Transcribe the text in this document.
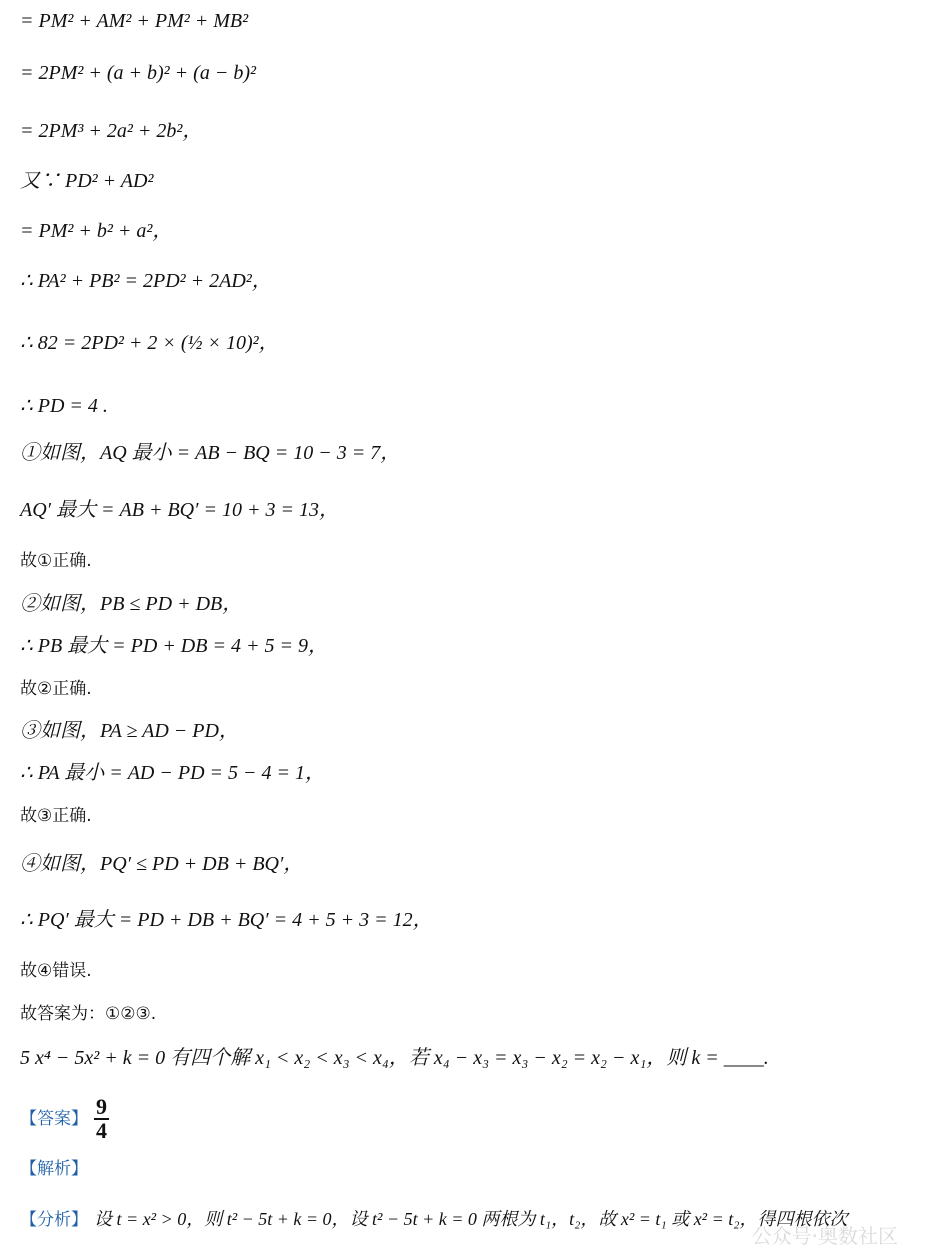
= PM² + AM² + PM² + MB²
= 2PM² + (a + b)² + (a − b)²
= 2PM³ + 2a² + 2b²，
又∵ PD² + AD²
= PM² + b² + a²，
∴ PA² + PB² = 2PD² + 2AD²，
∴ 82 = 2PD² + 2 × (½ × 10)²，
∴ PD = 4 .
①如图，AQ 最小 = AB − BQ = 10 − 3 = 7，
AQ′ 最大 = AB + BQ′ = 10 + 3 = 13，
故①正确.
②如图，PB ≤ PD + DB，
∴ PB 最大 = PD + DB = 4 + 5 = 9，
故②正确.
③如图，PA ≥ AD − PD，
∴ PA 最小 = AD − PD = 5 − 4 = 1，
故③正确.
④如图，PQ′ ≤ PD + DB + BQ′，
∴ PQ′ 最大 = PD + DB + BQ′ = 4 + 5 + 3 = 12，
故④错误.
故答案为：①②③.
5 x⁴ − 5x² + k = 0 有四个解 x₁ < x₂ < x₃ < x₄，若 x₄ − x₃ = x₃ − x₂ = x₂ − x₁，则 k = ____.
【答案】 $\frac{9}{4}$
【解析】
【分析】 设 t = x² > 0，则 t² − 5t + k = 0，设 t² − 5t + k = 0 两根为 t₁，t₂，故 x² = t₁ 或 x² = t₂，得四根依次
公众号·奥数社区
